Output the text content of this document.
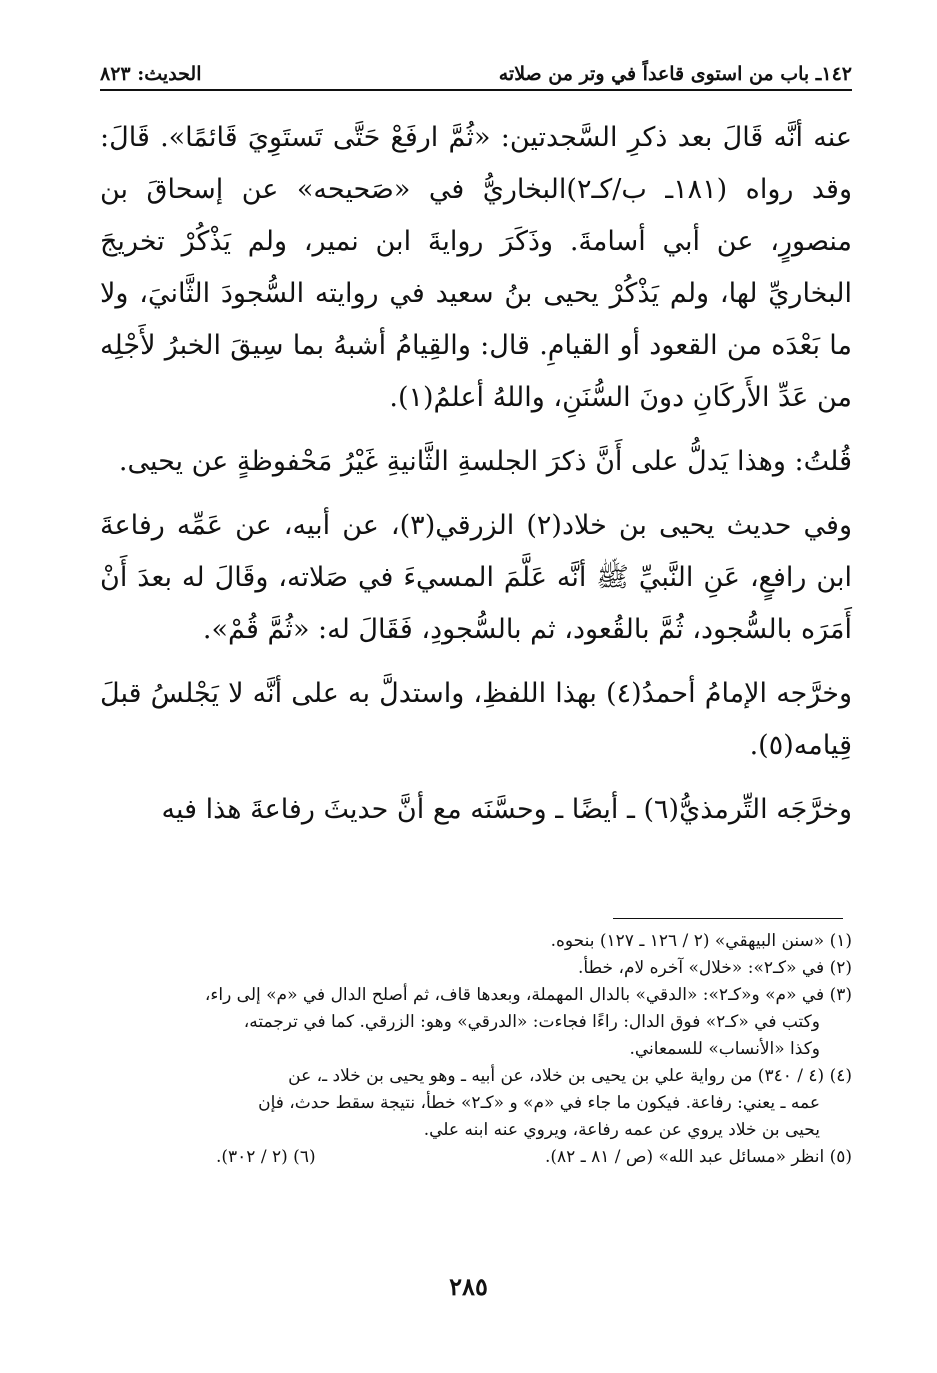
١٤٢ـ باب من استوى قاعداً في وتر من صلاته
الحديث: ٨٢٣

عنه أنَّه قَالَ بعد ذكرِ السَّجدتين: «ثُمَّ ارفَعْ حَتَّى تَستَوِيَ قَائمًا». قَالَ: وقد رواه (١٨١ـ ب/كـ٢)البخاريُّ في «صَحيحه» عن إسحاقَ بن منصورٍ، عن أبي أسامةَ. وذَكَرَ روايةَ ابن نمير، ولم يَذْكُرْ تخريجَ البخاريِّ لها، ولم يَذْكُرْ يحيى بنُ سعيد في روايته السُّجودَ الثَّانيَ، ولا ما بَعْدَه من القعود أو القيامِ. قال: والقِيامُ أشبهُ بما سِيقَ الخبرُ لأَجْلِه من عَدِّ الأَركَانِ دونَ السُّنَنِ، واللهُ أعلمُ(١).

قُلتُ: وهذا يَدلُّ على أَنَّ ذكرَ الجلسةِ الثَّانيةِ غَيْرُ مَحْفوظةٍ عن يحيى.

وفي حديث يحيى بن خلاد(٢) الزرقي(٣)، عن أبيه، عن عَمِّه رفاعةَ ابن رافعٍ، عَنِ النَّبيِّ ﷺ أنَّه عَلَّمَ المسيءَ في صَلاته، وقَالَ له بعدَ أَنْ أَمَرَه بالسُّجود، ثُمَّ بالقُعود، ثم بالسُّجودِ، فَقَالَ له: «ثُمَّ قُمْ».

وخرَّجه الإمامُ أحمدُ(٤) بهذا اللفظِ، واستدلَّ به على أنَّه لا يَجْلسُ قبلَ قِيامه(٥).

وخرَّجَه التِّرمذيُّ(٦) ـ أيضًا ـ وحسَّنَه مع أنَّ حديثَ رفاعةَ هذا فيه

(١) «سنن البيهقي» (٢ / ١٢٦ ـ ١٢٧) بنحوه.

(٢) في «كـ٢»: «خلال» آخره لام، خطأ.

(٣) في «م» و«كـ٢»: «الدقي» بالدال المهملة، وبعدها قاف، ثم أصلح الدال في «م» إلى راء،

وكتب في «كـ٢» فوق الدال: راءًا فجاءت: «الدرقي» وهو: الزرقي. كما في ترجمته،

وكذا «الأنساب» للسمعاني.

(٤) (٤ / ٣٤٠) من رواية علي بن يحيى بن خلاد، عن أبيه ـ وهو يحيى بن خلاد ـ، عن

عمه ـ يعني: رفاعة. فيكون ما جاء في «م» و «كـ٢» خطأ، نتيجة سقط حدث، فإن

يحيى بن خلاد يروي عن عمه رفاعة، ويروي عنه ابنه علي.

(٥) انظر «مسائل عبد الله» (ص / ٨١ ـ ٨٢).
(٦) (٢ / ٣٠٢).
٢٨٥
